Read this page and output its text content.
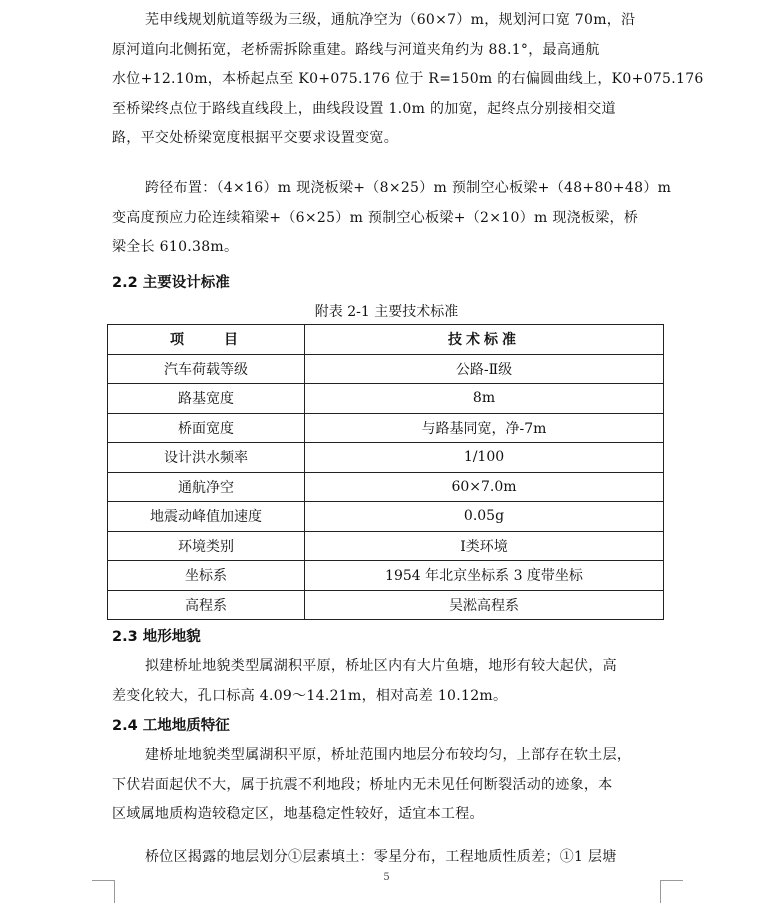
芜申线规划航道等级为三级，通航净空为（60×7）m，规划河口宽 70m，沿
原河道向北侧拓宽，老桥需拆除重建。路线与河道夹角约为 88.1°，最高通航
水位+12.10m，本桥起点至 K0+075.176 位于 R=150m 的右偏圆曲线上，K0+075.176
至桥梁终点位于路线直线段上，曲线段设置 1.0m 的加宽，起终点分别接相交道
路，平交处桥梁宽度根据平交要求设置变宽。
跨径布置：（4×16）m 现浇板梁+（8×25）m 预制空心板梁+（48+80+48）m
变高度预应力砼连续箱梁+（6×25）m 预制空心板梁+（2×10）m 现浇板梁，桥
梁全长 610.38m。
2.2 主要设计标准
附表 2-1 主要技术标准
项　　目	技术标准
汽车荷载等级	公路-Ⅱ级
路基宽度	8m
桥面宽度	与路基同宽，净-7m
设计洪水频率	1/100
通航净空	60×7.0m
地震动峰值加速度	0.05g
环境类别	Ⅰ类环境
坐标系	1954 年北京坐标系 3 度带坐标
高程系	吴淞高程系
2.3 地形地貌
拟建桥址地貌类型属湖积平原，桥址区内有大片鱼塘，地形有较大起伏，高
差变化较大，孔口标高 4.09～14.21m，相对高差 10.12m。
2.4 工地地质特征
建桥址地貌类型属湖积平原，桥址范围内地层分布较均匀，上部存在软土层，
下伏岩面起伏不大，属于抗震不利地段；桥址内无未见任何断裂活动的迹象，本
区域属地质构造较稳定区，地基稳定性较好，适宜本工程。
桥位区揭露的地层划分①层素填土：零星分布，工程地质性质差；①1 层塘
5
